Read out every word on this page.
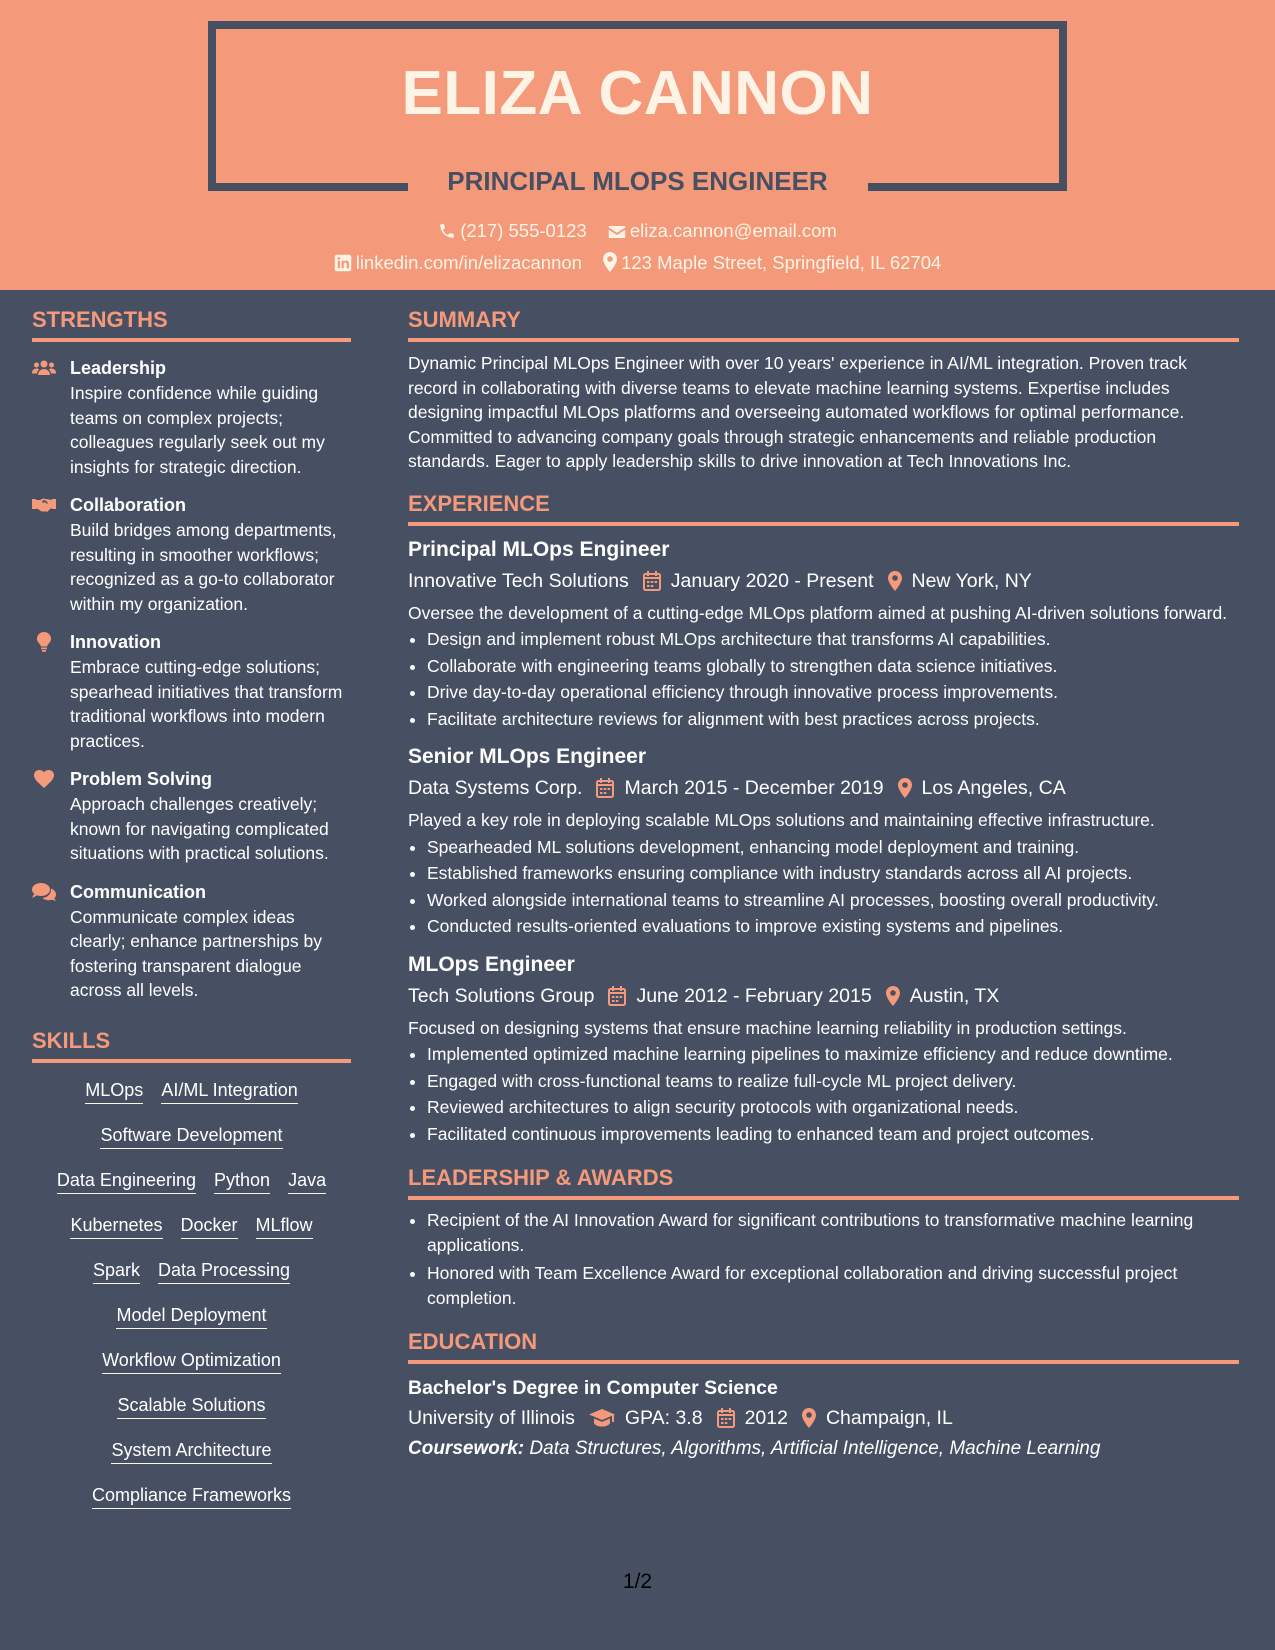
ELIZA CANNON
PRINCIPAL MLOPS ENGINEER
(217) 555-0123 eliza.cannon@email.com
linkedin.com/in/elizacannon 123 Maple Street, Springfield, IL 62704
STRENGTHS
Leadership
Inspire confidence while guiding teams on complex projects; colleagues regularly seek out my insights for strategic direction.
Collaboration
Build bridges among departments, resulting in smoother workflows; recognized as a go-to collaborator within my organization.
Innovation
Embrace cutting-edge solutions; spearhead initiatives that transform traditional workflows into modern practices.
Problem Solving
Approach challenges creatively; known for navigating complicated situations with practical solutions.
Communication
Communicate complex ideas clearly; enhance partnerships by fostering transparent dialogue across all levels.
SKILLS
MLOps AI/ML Integration
Software Development
Data Engineering Python Java
Kubernetes Docker MLflow
Spark Data Processing
Model Deployment
Workflow Optimization
Scalable Solutions
System Architecture
Compliance Frameworks
SUMMARY
Dynamic Principal MLOps Engineer with over 10 years' experience in AI/ML integration. Proven track record in collaborating with diverse teams to elevate machine learning systems. Expertise includes designing impactful MLOps platforms and overseeing automated workflows for optimal performance. Committed to advancing company goals through strategic enhancements and reliable production standards. Eager to apply leadership skills to drive innovation at Tech Innovations Inc.
EXPERIENCE
Principal MLOps Engineer
Innovative Tech Solutions January 2020 - Present New York, NY
Oversee the development of a cutting-edge MLOps platform aimed at pushing AI-driven solutions forward.
• Design and implement robust MLOps architecture that transforms AI capabilities.
• Collaborate with engineering teams globally to strengthen data science initiatives.
• Drive day-to-day operational efficiency through innovative process improvements.
• Facilitate architecture reviews for alignment with best practices across projects.
Senior MLOps Engineer
Data Systems Corp. March 2015 - December 2019 Los Angeles, CA
Played a key role in deploying scalable MLOps solutions and maintaining effective infrastructure.
• Spearheaded ML solutions development, enhancing model deployment and training.
• Established frameworks ensuring compliance with industry standards across all AI projects.
• Worked alongside international teams to streamline AI processes, boosting overall productivity.
• Conducted results-oriented evaluations to improve existing systems and pipelines.
MLOps Engineer
Tech Solutions Group June 2012 - February 2015 Austin, TX
Focused on designing systems that ensure machine learning reliability in production settings.
• Implemented optimized machine learning pipelines to maximize efficiency and reduce downtime.
• Engaged with cross-functional teams to realize full-cycle ML project delivery.
• Reviewed architectures to align security protocols with organizational needs.
• Facilitated continuous improvements leading to enhanced team and project outcomes.
LEADERSHIP & AWARDS
• Recipient of the AI Innovation Award for significant contributions to transformative machine learning applications.
• Honored with Team Excellence Award for exceptional collaboration and driving successful project completion.
EDUCATION
Bachelor's Degree in Computer Science
University of Illinois	GPA: 3.8 2012 Champaign, IL
Coursework: Data Structures, Algorithms, Artificial Intelligence, Machine Learning
1/2
